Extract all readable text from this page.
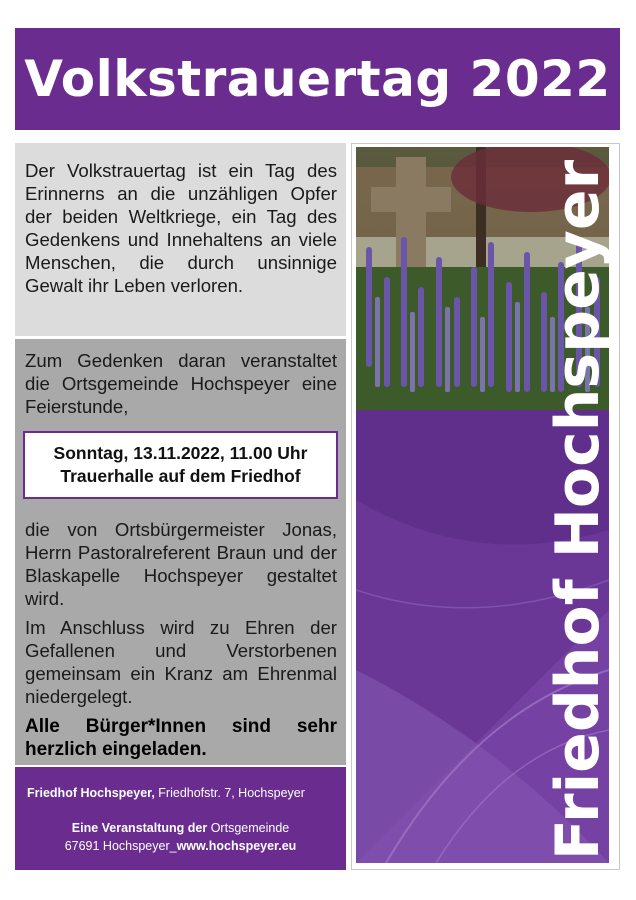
Volkstrauertag 2022

Der Volkstrauertag ist ein Tag des Erinnerns an die unzähligen Opfer der beiden Weltkriege, ein Tag des Gedenkens und Innehaltens an viele Menschen, die durch unsinnige Gewalt ihr Leben verloren.

Zum Gedenken daran veranstaltet die Ortsgemeinde Hochspeyer eine Feierstunde,

Sonntag, 13.11.2022, 11.00 Uhr
Trauerhalle auf dem Friedhof

die von Ortsbürgermeister Jonas, Herrn Pastoralreferent Braun und der Blaskapelle Hochspeyer gestaltet wird.

Im Anschluss wird zu Ehren der Gefallenen und Verstorbenen gemeinsam ein Kranz am Ehrenmal niedergelegt.

Alle Bürger*Innen sind sehr herzlich eingeladen.

Friedhof Hochspeyer, Friedhofstr. 7, Hochspeyer
Eine Veranstaltung der Ortsgemeinde
67691 Hochspeyer_www.hochspeyer.eu	Friedhof Hochspeyer
